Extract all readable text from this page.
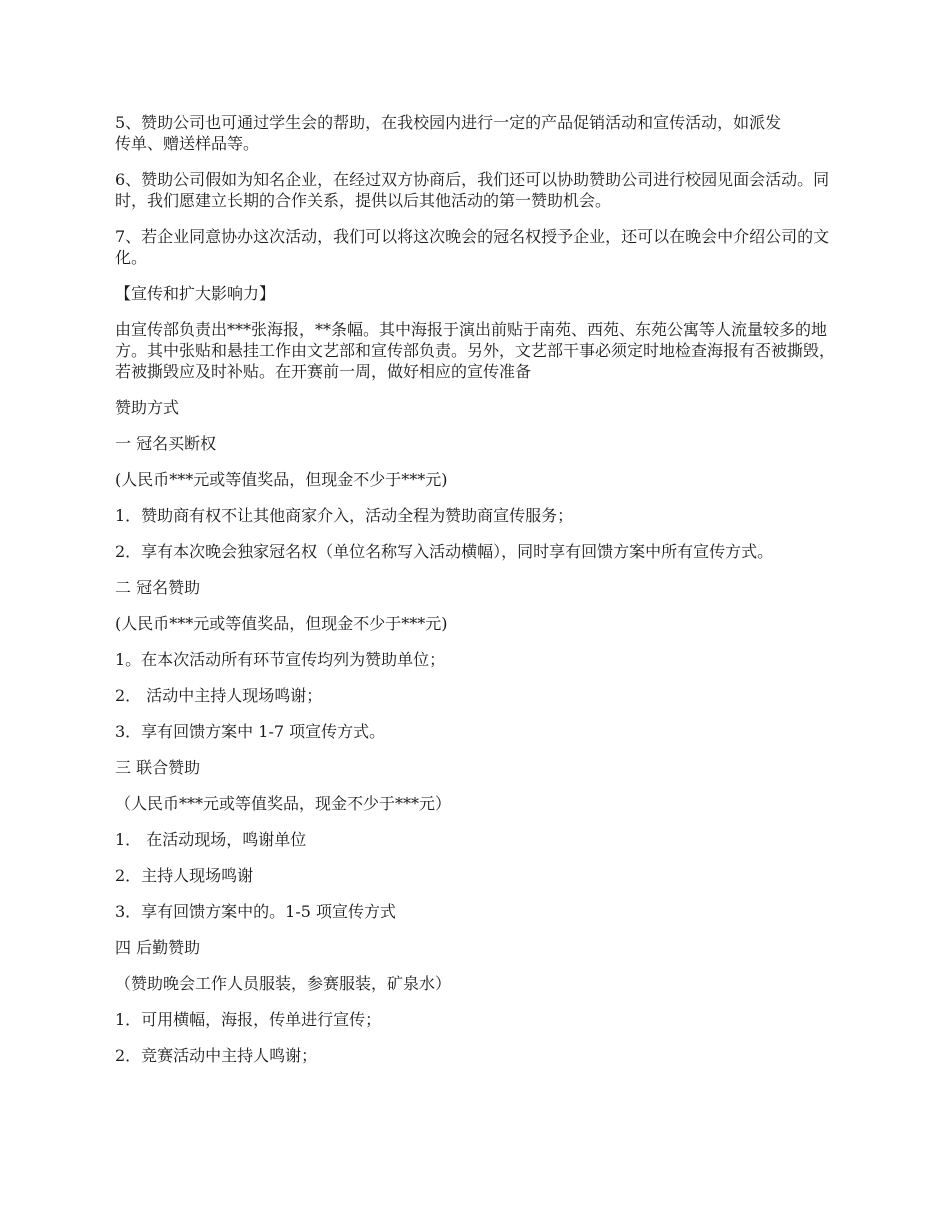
5、赞助公司也可通过学生会的帮助，在我校园内进行一定的产品促销活动和宣传活动，如派发
传单、赠送样品等。

6、赞助公司假如为知名企业，在经过双方协商后，我们还可以协助赞助公司进行校园见面会活动。同时，我们愿建立长期的合作关系，提供以后其他活动的第一赞助机会。

7、若企业同意协办这次活动，我们可以将这次晚会的冠名权授予企业，还可以在晚会中介绍公司的文化。

【宣传和扩大影响力】

由宣传部负责出***张海报，**条幅。其中海报于演出前贴于南苑、西苑、东苑公寓等人流量较多的地方。其中张贴和悬挂工作由文艺部和宣传部负责。另外，文艺部干事必须定时地检查海报有否被撕毁，若被撕毁应及时补贴。在开赛前一周，做好相应的宣传准备

赞助方式

一 冠名买断权

(人民币***元或等值奖品，但现金不少于***元)

1．赞助商有权不让其他商家介入，活动全程为赞助商宣传服务；

2．享有本次晚会独家冠名权（单位名称写入活动横幅），同时享有回馈方案中所有宣传方式。

二 冠名赞助

(人民币***元或等值奖品，但现金不少于***元)

1。在本次活动所有环节宣传均列为赞助单位；

2． 活动中主持人现场鸣谢；

3．享有回馈方案中 1-7 项宣传方式。

三 联合赞助

（人民币***元或等值奖品，现金不少于***元）

1． 在活动现场，鸣谢单位

2．主持人现场鸣谢

3．享有回馈方案中的。1-5 项宣传方式

四 后勤赞助

（赞助晚会工作人员服装，参赛服装，矿泉水）

1．可用横幅，海报，传单进行宣传；

2．竞赛活动中主持人鸣谢；
